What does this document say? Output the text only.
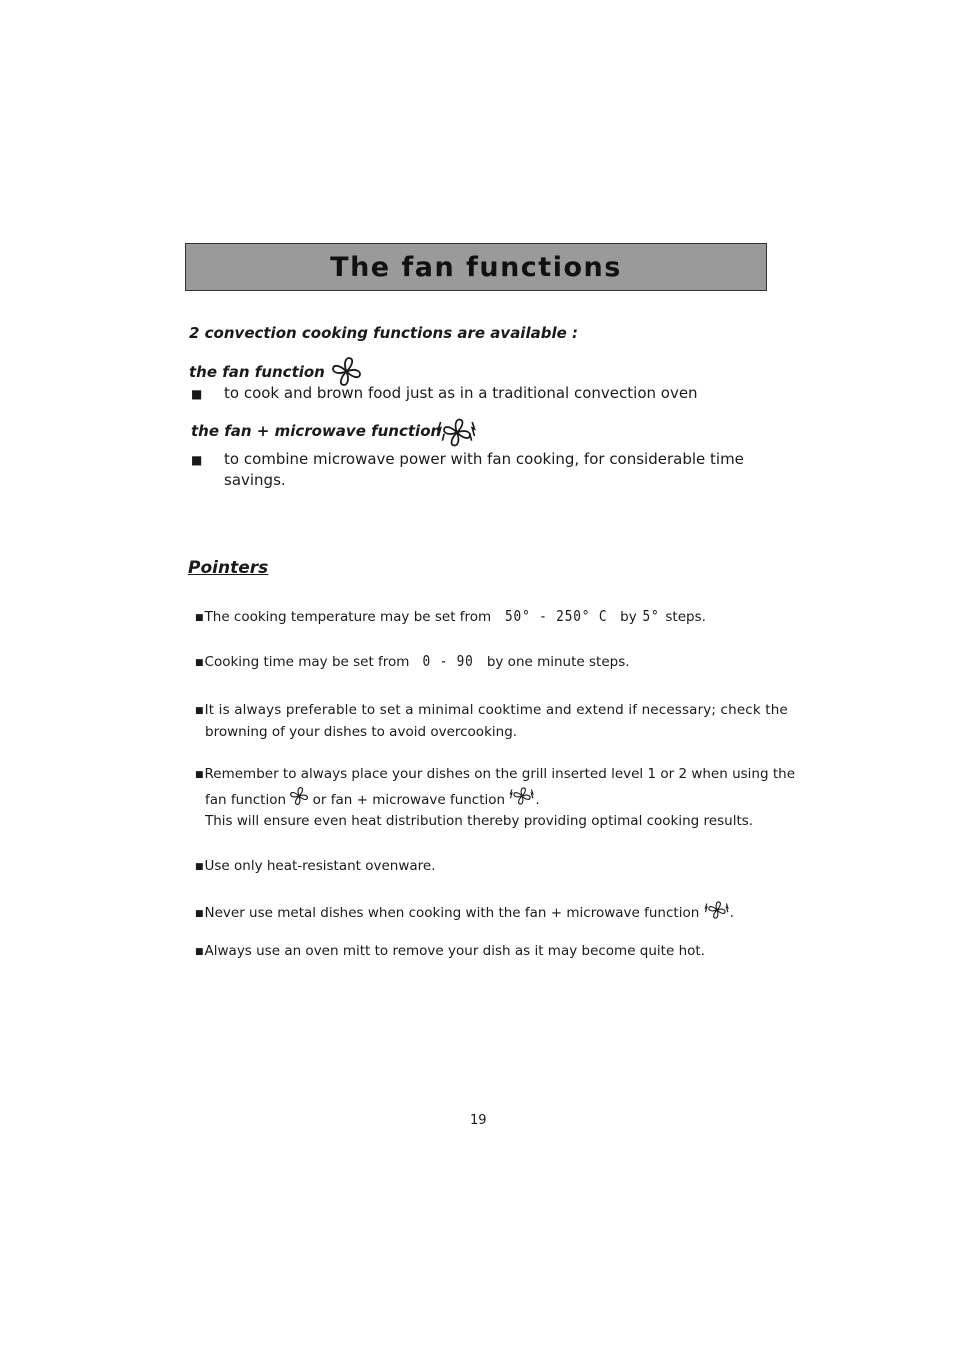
The fan functions
2 convection cooking functions are available :
the fan function
■ to cook and brown food just as in a traditional convection oven
the fan + microwave function
■ to combine microwave power with fan cooking, for considerable time
savings.
Pointers
■The cooking temperature may be set from 50° - 250° C by 5° steps.
■Cooking time may be set from 0 - 90 by one minute steps.
■It is always preferable to set a minimal cooktime and extend if necessary; check the
browning of your dishes to avoid overcooking.
■Remember to always place your dishes on the grill inserted level 1 or 2 when using the
fan function or fan + microwave function .
This will ensure even heat distribution thereby providing optimal cooking results.
■Use only heat-resistant ovenware.
■Never use metal dishes when cooking with the fan + microwave function .
■Always use an oven mitt to remove your dish as it may become quite hot.
19
